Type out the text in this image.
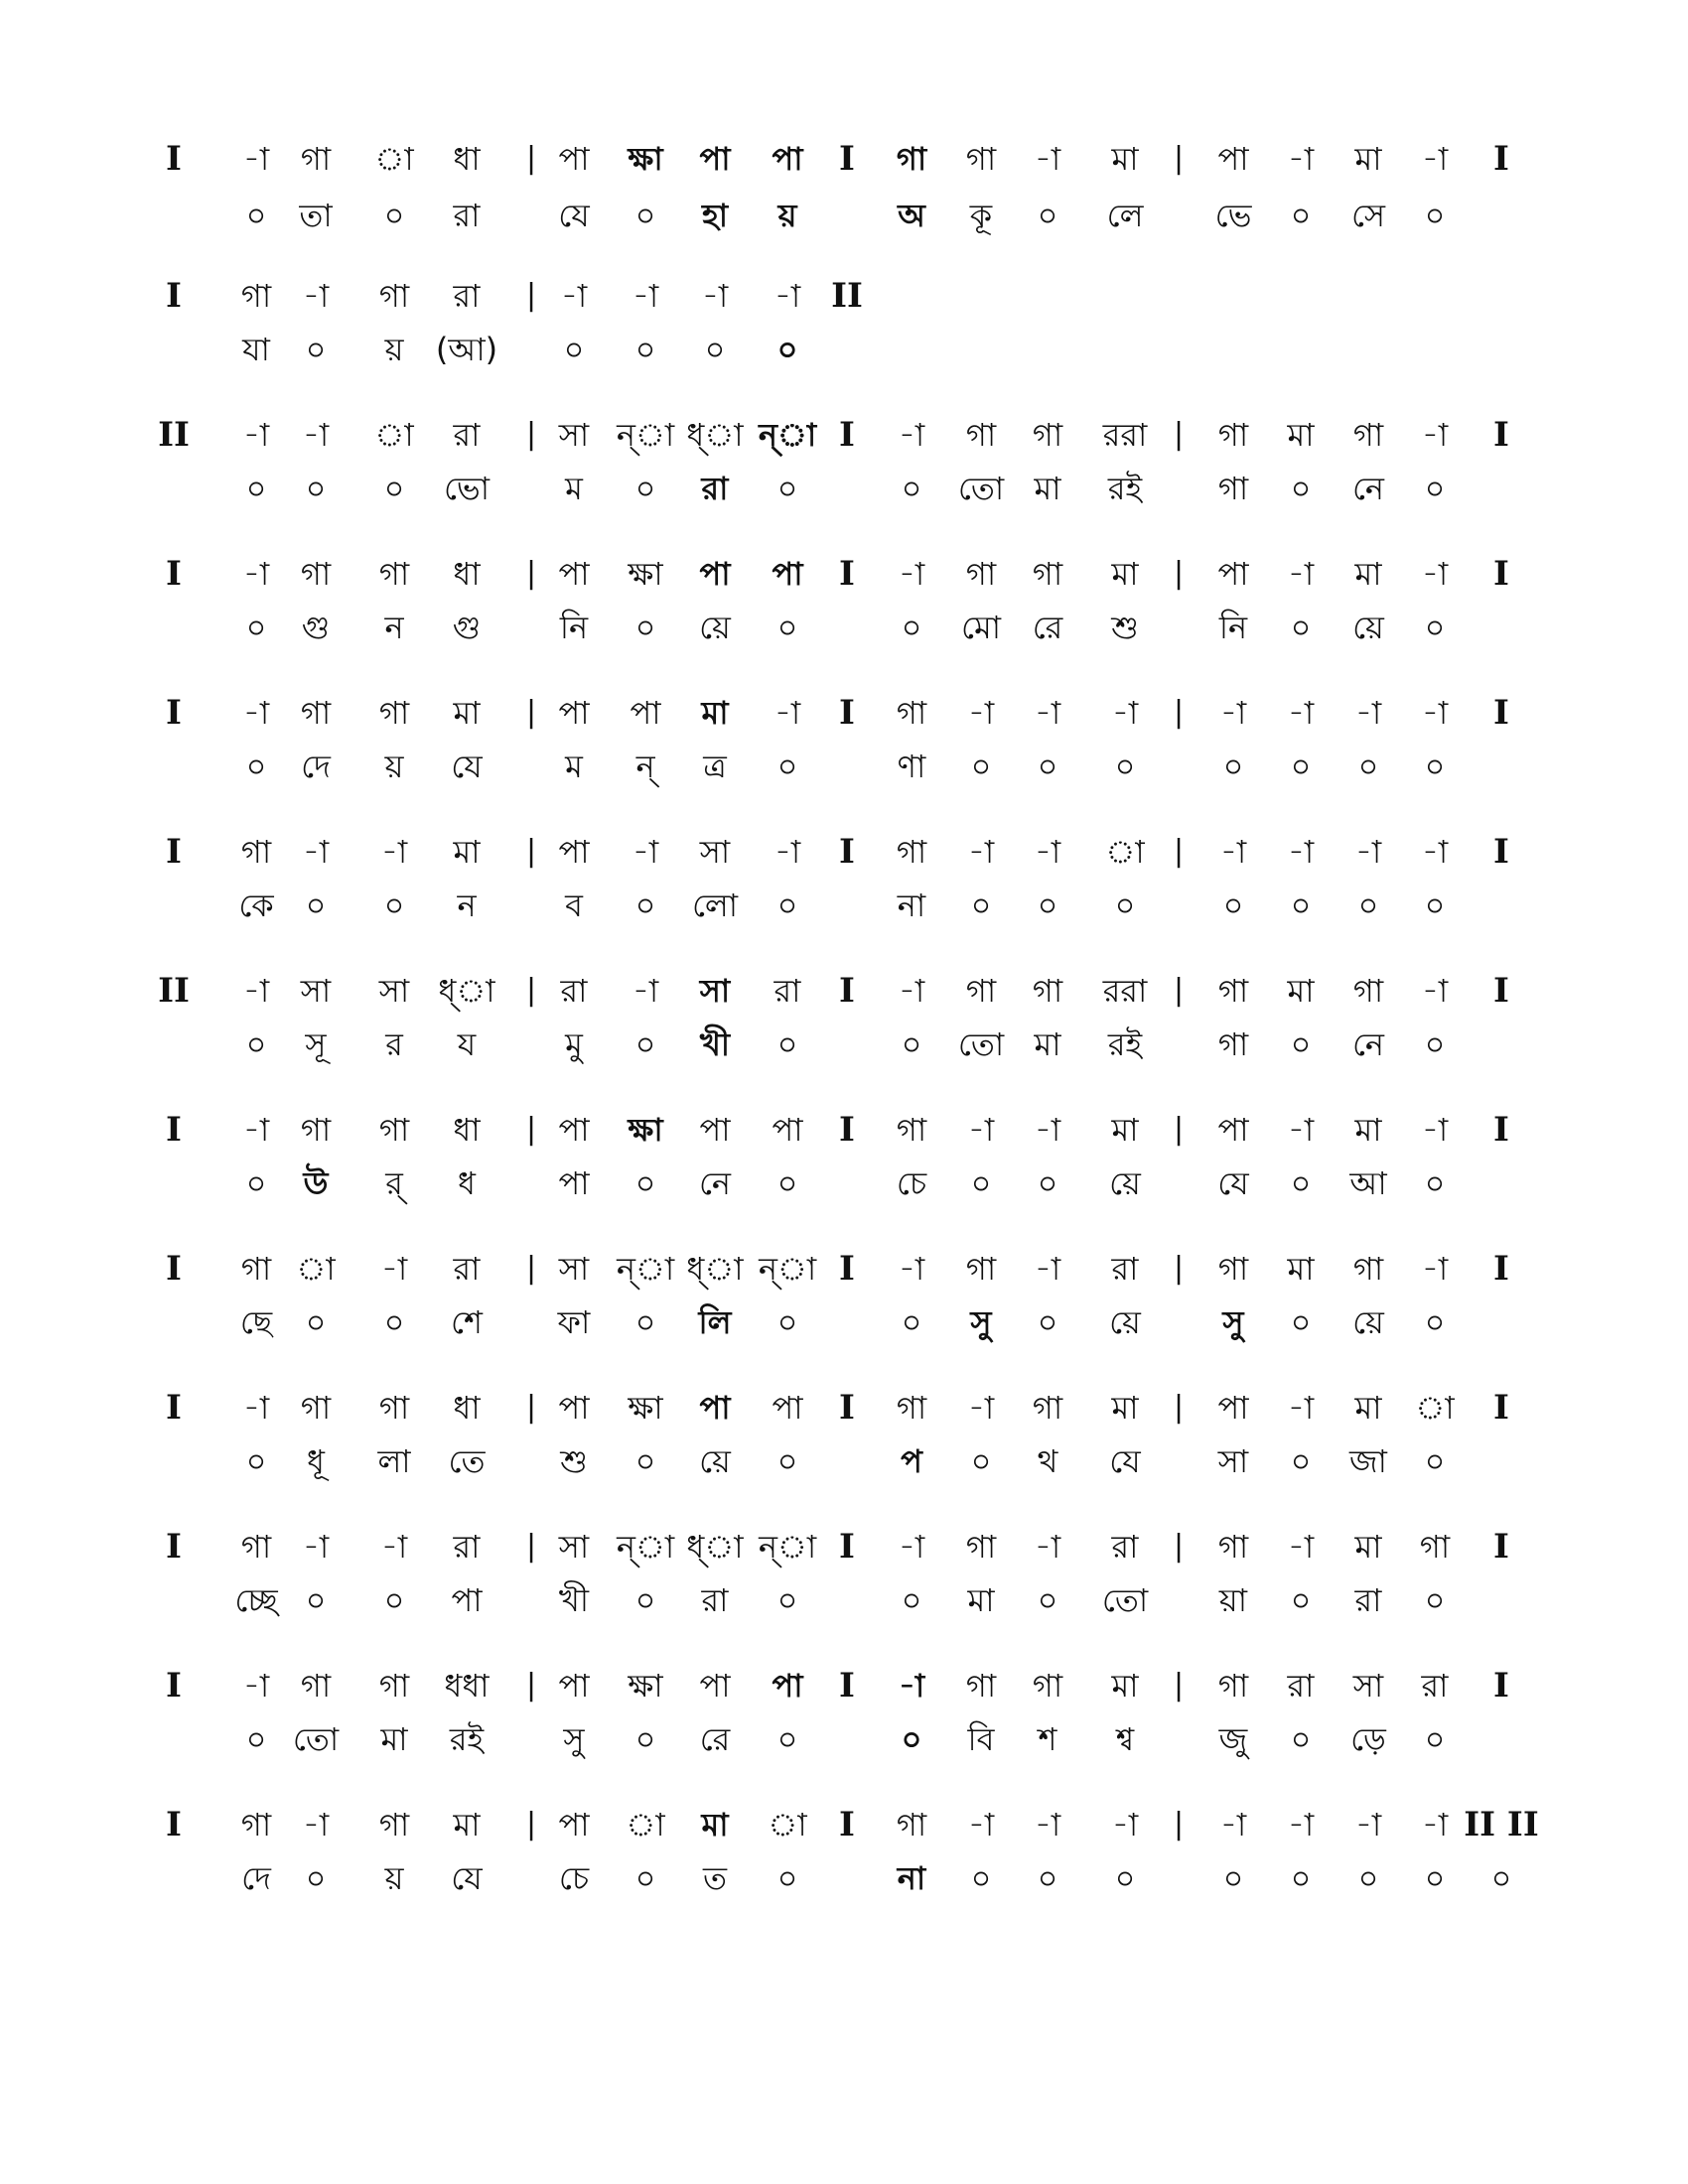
I -া গা া ধা | পা ক্ষা পা পা I গা গা -া মা | পা -া মা -া I
০ তা ০ রা যে ০ হা য়	অ কূ ০ লে ভে ০ সে ০
I গা -া গা রা | -া -া -া -া II
যা ০ য় (আ) ০ ০ ০ ০
II -া -া া রা | সা ন্া ধ্া ন্া I -া গা গা ররা | গা মা গা -া I
০ ০ ০ ভো ম ০ রা ০	০ তো মা রই গা ০ নে ০
I -া গা গা ধা | পা ক্ষা পা পা I -া গা গা মা | পা -া মা -া I
০ গু ন গু নি ০ য়ে ০	০ মো রে শু	নি ০ য়ে ০
I -া গা গা মা | পা পা মা -া I গা -া -া -া | -া -া -া -া I
০ দে য় যে	ম ন্ ত্র ০	ণা ০ ০ ০	০ ০ ০ ০
I গা -া -া মা | পা -া সা -া I গা -া -া া | -া -া -া -া I
কে ০ ০ ন	ব ০ লো ০	না ০ ০ ০	০ ০ ০ ০
II -া সা সা ধ্া | রা -া সা রা I -া গা গা ররা | গা মা গা -া I
০ সূ র য	মু ০ খী ০	০ তো মা রই গা ০ নে ০
I -া গা গা ধা | পা ক্ষা পা পা I গা -া -া মা | পা -া মা -া I
০ উ র্ ধ	পা ০ নে ০	চে ০ ০ য়ে যে ০ আ ০
I গা া -া রা | সা ন্া ধ্া ন্া I -া গা -া রা | গা মা গা -া I
ছে ০ ০ শে ফা ০ লি ০	০ সু ০ য়ে	সু ০ য়ে ০
I -া গা গা ধা | পা ক্ষা পা পা I গা -া গা মা | পা -া মা া I
০ ধূ লা তে শু ০ য়ে ০	প ০ থ যে সা ০ জা ০
I গা -া -া রা | সা ন্া ধ্া ন্া I -া গা -া রা | গা -া মা গা I
চ্ছে ০ ০ পা খী ০ রা ০	০ মা ০ তো য়া ০ রা ০
I -া গা গা ধধা | পা ক্ষা পা পা I -া গা গা মা | গা রা সা রা I
০ তো মা রই	সু ০ রে ০	০ বি শ শ্ব	জু ০ ড়ে ০
I গা -া গা মা | পা া মা া I গা -া -া -া | -া -া -া -া II II
দে ০ য় যে চে ০ ত ০	না ০ ০ ০	০ ০ ০ ০ ০
